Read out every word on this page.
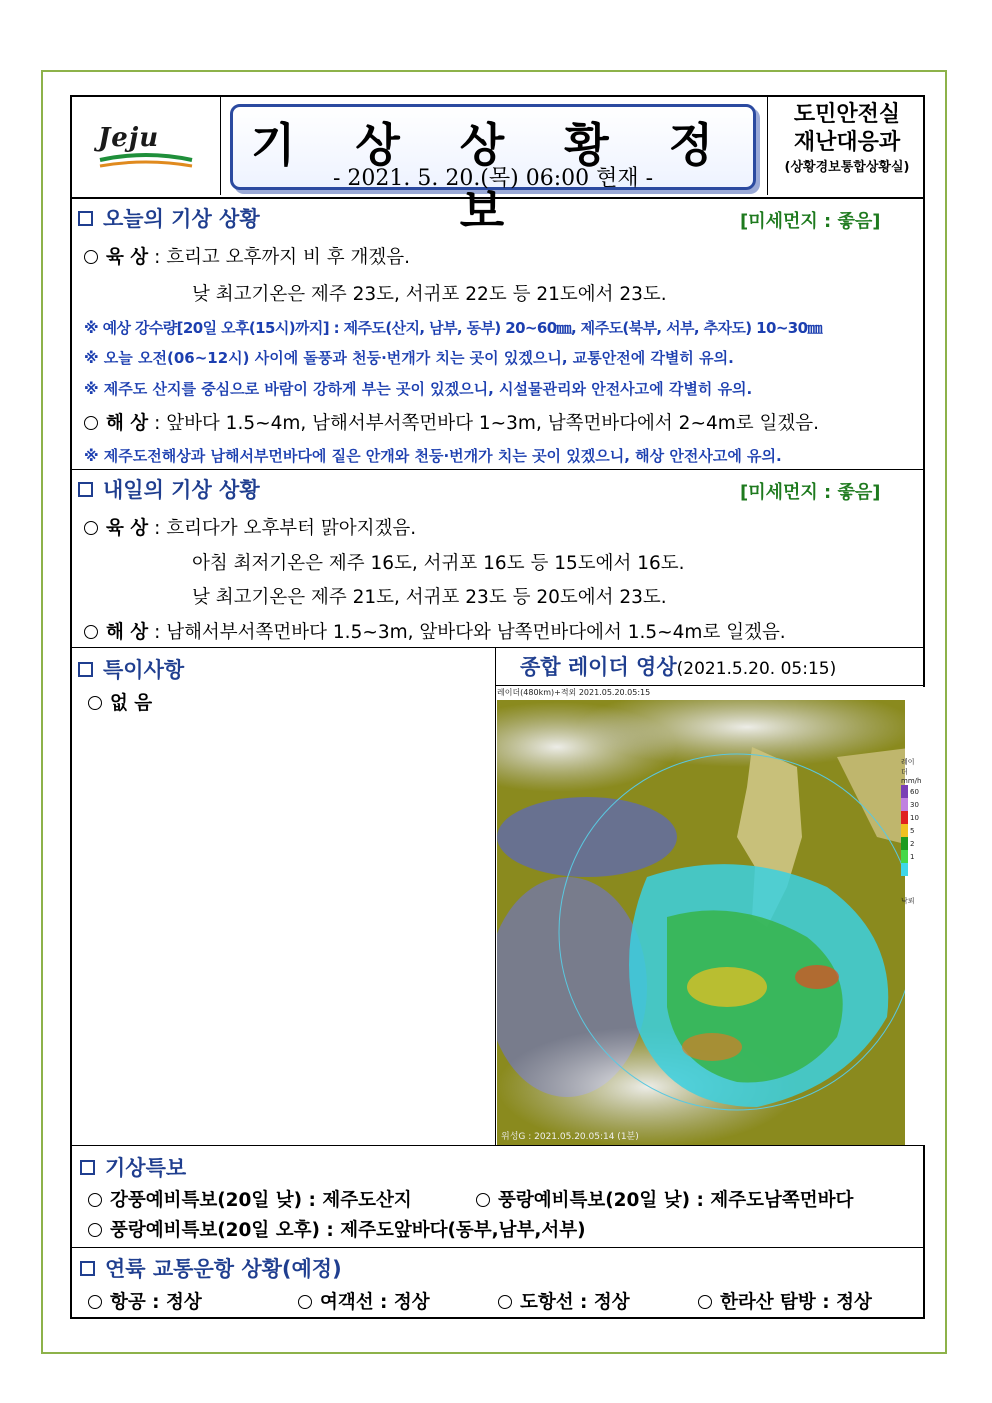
Jeju	기 상 상 황 정 보
- 2021. 5. 20.(목) 06:00 현재 -
도민안전실
재난대응과
(상황경보통합상황실)
오늘의 기상 상황	[미세먼지 : 좋음]
육 상 : 흐리고 오후까지 비 후 개겠음.
낮 최고기온은 제주 23도, 서귀포 22도 등 21도에서 23도.
※ 예상 강수량[20일 오후(15시)까지] : 제주도(산지, 남부, 동부) 20~60㎜, 제주도(북부, 서부, 추자도) 10~30㎜
※ 오늘 오전(06~12시) 사이에 돌풍과 천둥·번개가 치는 곳이 있겠으니, 교통안전에 각별히 유의.
※ 제주도 산지를 중심으로 바람이 강하게 부는 곳이 있겠으니, 시설물관리와 안전사고에 각별히 유의.
해 상 : 앞바다 1.5~4m, 남해서부서쪽먼바다 1~3m, 남쪽먼바다에서 2~4m로 일겠음.
※ 제주도전해상과 남해서부먼바다에 짙은 안개와 천둥·번개가 치는 곳이 있겠으니, 해상 안전사고에 유의.
내일의 기상 상황	[미세먼지 : 좋음]
육 상 : 흐리다가 오후부터 맑아지겠음.
아침 최저기온은 제주 16도, 서귀포 16도 등 15도에서 16도.
낮 최고기온은 제주 21도, 서귀포 23도 등 20도에서 23도.
해 상 : 남해서부서쪽먼바다 1.5~3m, 앞바다와 남쪽먼바다에서 1.5~4m로 일겠음.
특이사항
없 음
종합 레이더 영상(2021.5.20. 05:15)
레이더(480km)+적외 2021.05.20.05:15
레이더
mm/h
60
30
10
5
2
1
낙뢰
위성G : 2021.05.20.05:14 (1분)
기상특보
강풍예비특보(20일 낮) : 제주도산지	풍랑예비특보(20일 낮) : 제주도남쪽먼바다
풍랑예비특보(20일 오후) : 제주도앞바다(동부,남부,서부)
연륙 교통운항 상황(예정)
항공 : 정상	여객선 : 정상	도항선 : 정상	한라산 탐방 : 정상
